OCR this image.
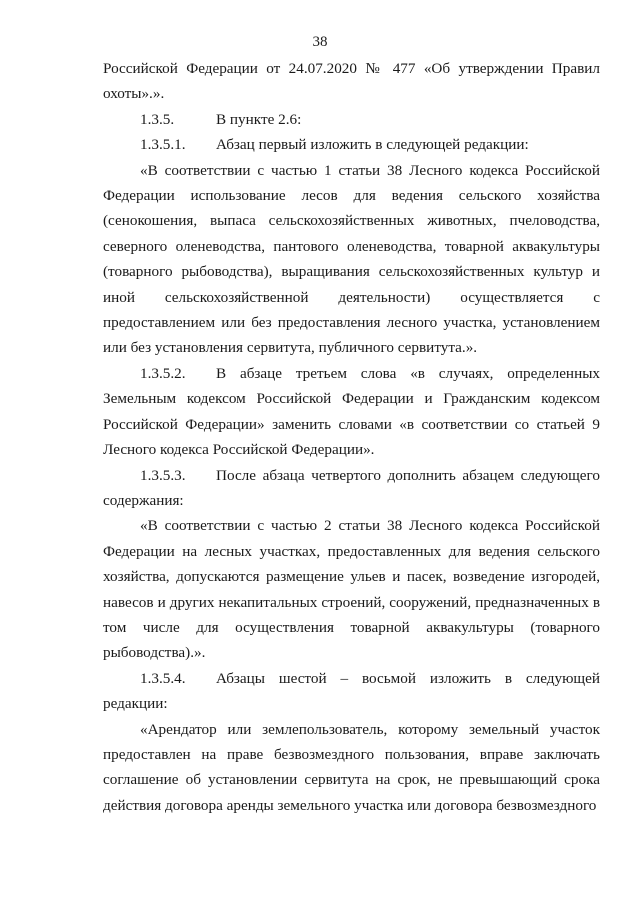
38

Российской Федерации от 24.07.2020 № 477 «Об утверждении Правил охоты».».

1.3.5.	В пункте 2.6:

1.3.5.1. Абзац первый изложить в следующей редакции:

«В соответствии с частью 1 статьи 38 Лесного кодекса Российской Федерации использование лесов для ведения сельского хозяйства (сенокошения, выпаса сельскохозяйственных животных, пчеловодства, северного оленеводства, пантового оленеводства, товарной аквакультуры (товарного рыбоводства), выращивания сельскохозяйственных культур и иной сельскохозяйственной деятельности) осуществляется с предоставлением или без предоставления лесного участка, установлением или без установления сервитута, публичного сервитута.».

1.3.5.2. В абзаце третьем слова «в случаях, определенных Земельным кодексом Российской Федерации и Гражданским кодексом Российской Федерации» заменить словами «в соответствии со статьей 9 Лесного кодекса Российской Федерации».

1.3.5.3. После абзаца четвертого дополнить абзацем следующего содержания:

«В соответствии с частью 2 статьи 38 Лесного кодекса Российской Федерации на лесных участках, предоставленных для ведения сельского хозяйства, допускаются размещение ульев и пасек, возведение изгородей, навесов и других некапитальных строений, сооружений, предназначенных в том числе для осуществления товарной аквакультуры (товарного рыбоводства).».

1.3.5.4. Абзацы шестой – восьмой изложить в следующей редакции:

«Арендатор или землепользователь, которому земельный участок предоставлен на праве безвозмездного пользования, вправе заключать соглашение об установлении сервитута на срок, не превышающий срока действия договора аренды земельного участка или договора безвозмездного
